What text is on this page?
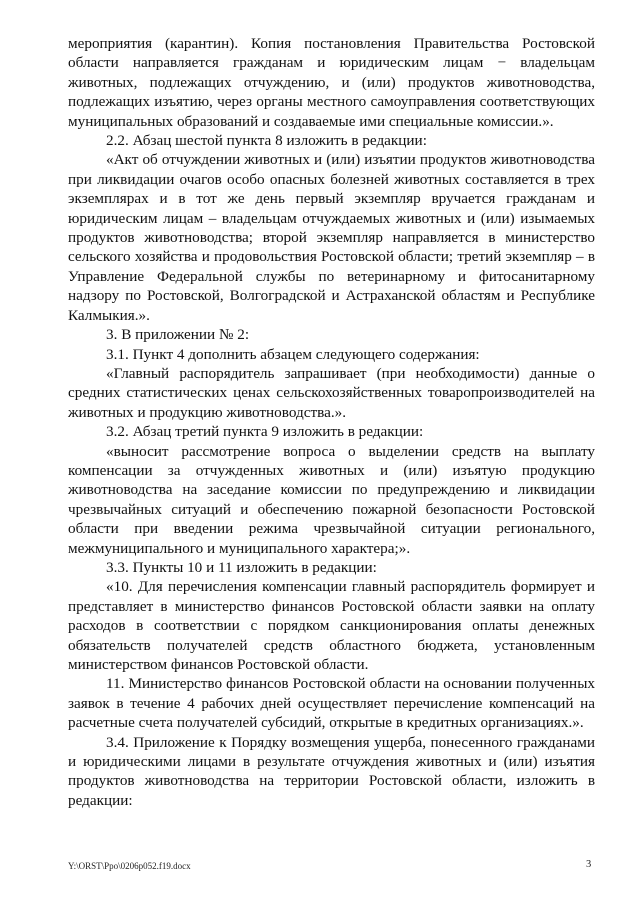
мероприятия (карантин). Копия постановления Правительства Ростовской области направляется гражданам и юридическим лицам − владельцам животных, подлежащих отчуждению, и (или) продуктов животноводства, подлежащих изъятию, через органы местного самоуправления соответствующих муниципальных образований и создаваемые ими специальные комиссии.».

2.2. Абзац шестой пункта 8 изложить в редакции:

«Акт об отчуждении животных и (или) изъятии продуктов животноводства при ликвидации очагов особо опасных болезней животных составляется в трех экземплярах и в тот же день первый экземпляр вручается гражданам и юридическим лицам – владельцам отчуждаемых животных и (или) изымаемых продуктов животноводства; второй экземпляр направляется в министерство сельского хозяйства и продовольствия Ростовской области; третий экземпляр – в Управление Федеральной службы по ветеринарному и фитосанитарному надзору по Ростовской, Волгоградской и Астраханской областям и Республике Калмыкия.».

3. В приложении № 2:

3.1. Пункт 4 дополнить абзацем следующего содержания:

«Главный распорядитель запрашивает (при необходимости) данные о средних статистических ценах сельскохозяйственных товаропроизводителей на животных и продукцию животноводства.».

3.2. Абзац третий пункта 9 изложить в редакции:

«выносит рассмотрение вопроса о выделении средств на выплату компенсации за отчужденных животных и (или) изъятую продукцию животноводства на заседание комиссии по предупреждению и ликвидации чрезвычайных ситуаций и обеспечению пожарной безопасности Ростовской области при введении режима чрезвычайной ситуации регионального, межмуниципального и муниципального характера;».

3.3. Пункты 10 и 11 изложить в редакции:

«10. Для перечисления компенсации главный распорядитель формирует и представляет в министерство финансов Ростовской области заявки на оплату расходов в соответствии с порядком санкционирования оплаты денежных обязательств получателей средств областного бюджета, установленным министерством финансов Ростовской области.

11. Министерство финансов Ростовской области на основании полученных заявок в течение 4 рабочих дней осуществляет перечисление компенсаций на расчетные счета получателей субсидий, открытые в кредитных организациях.».

3.4. Приложение к Порядку возмещения ущерба, понесенного гражданами и юридическими лицами в результате отчуждения животных и (или) изъятия продуктов животноводства на территории Ростовской области, изложить в редакции:

Y:\ORST\Ppo\0206p052.f19.docx	3
